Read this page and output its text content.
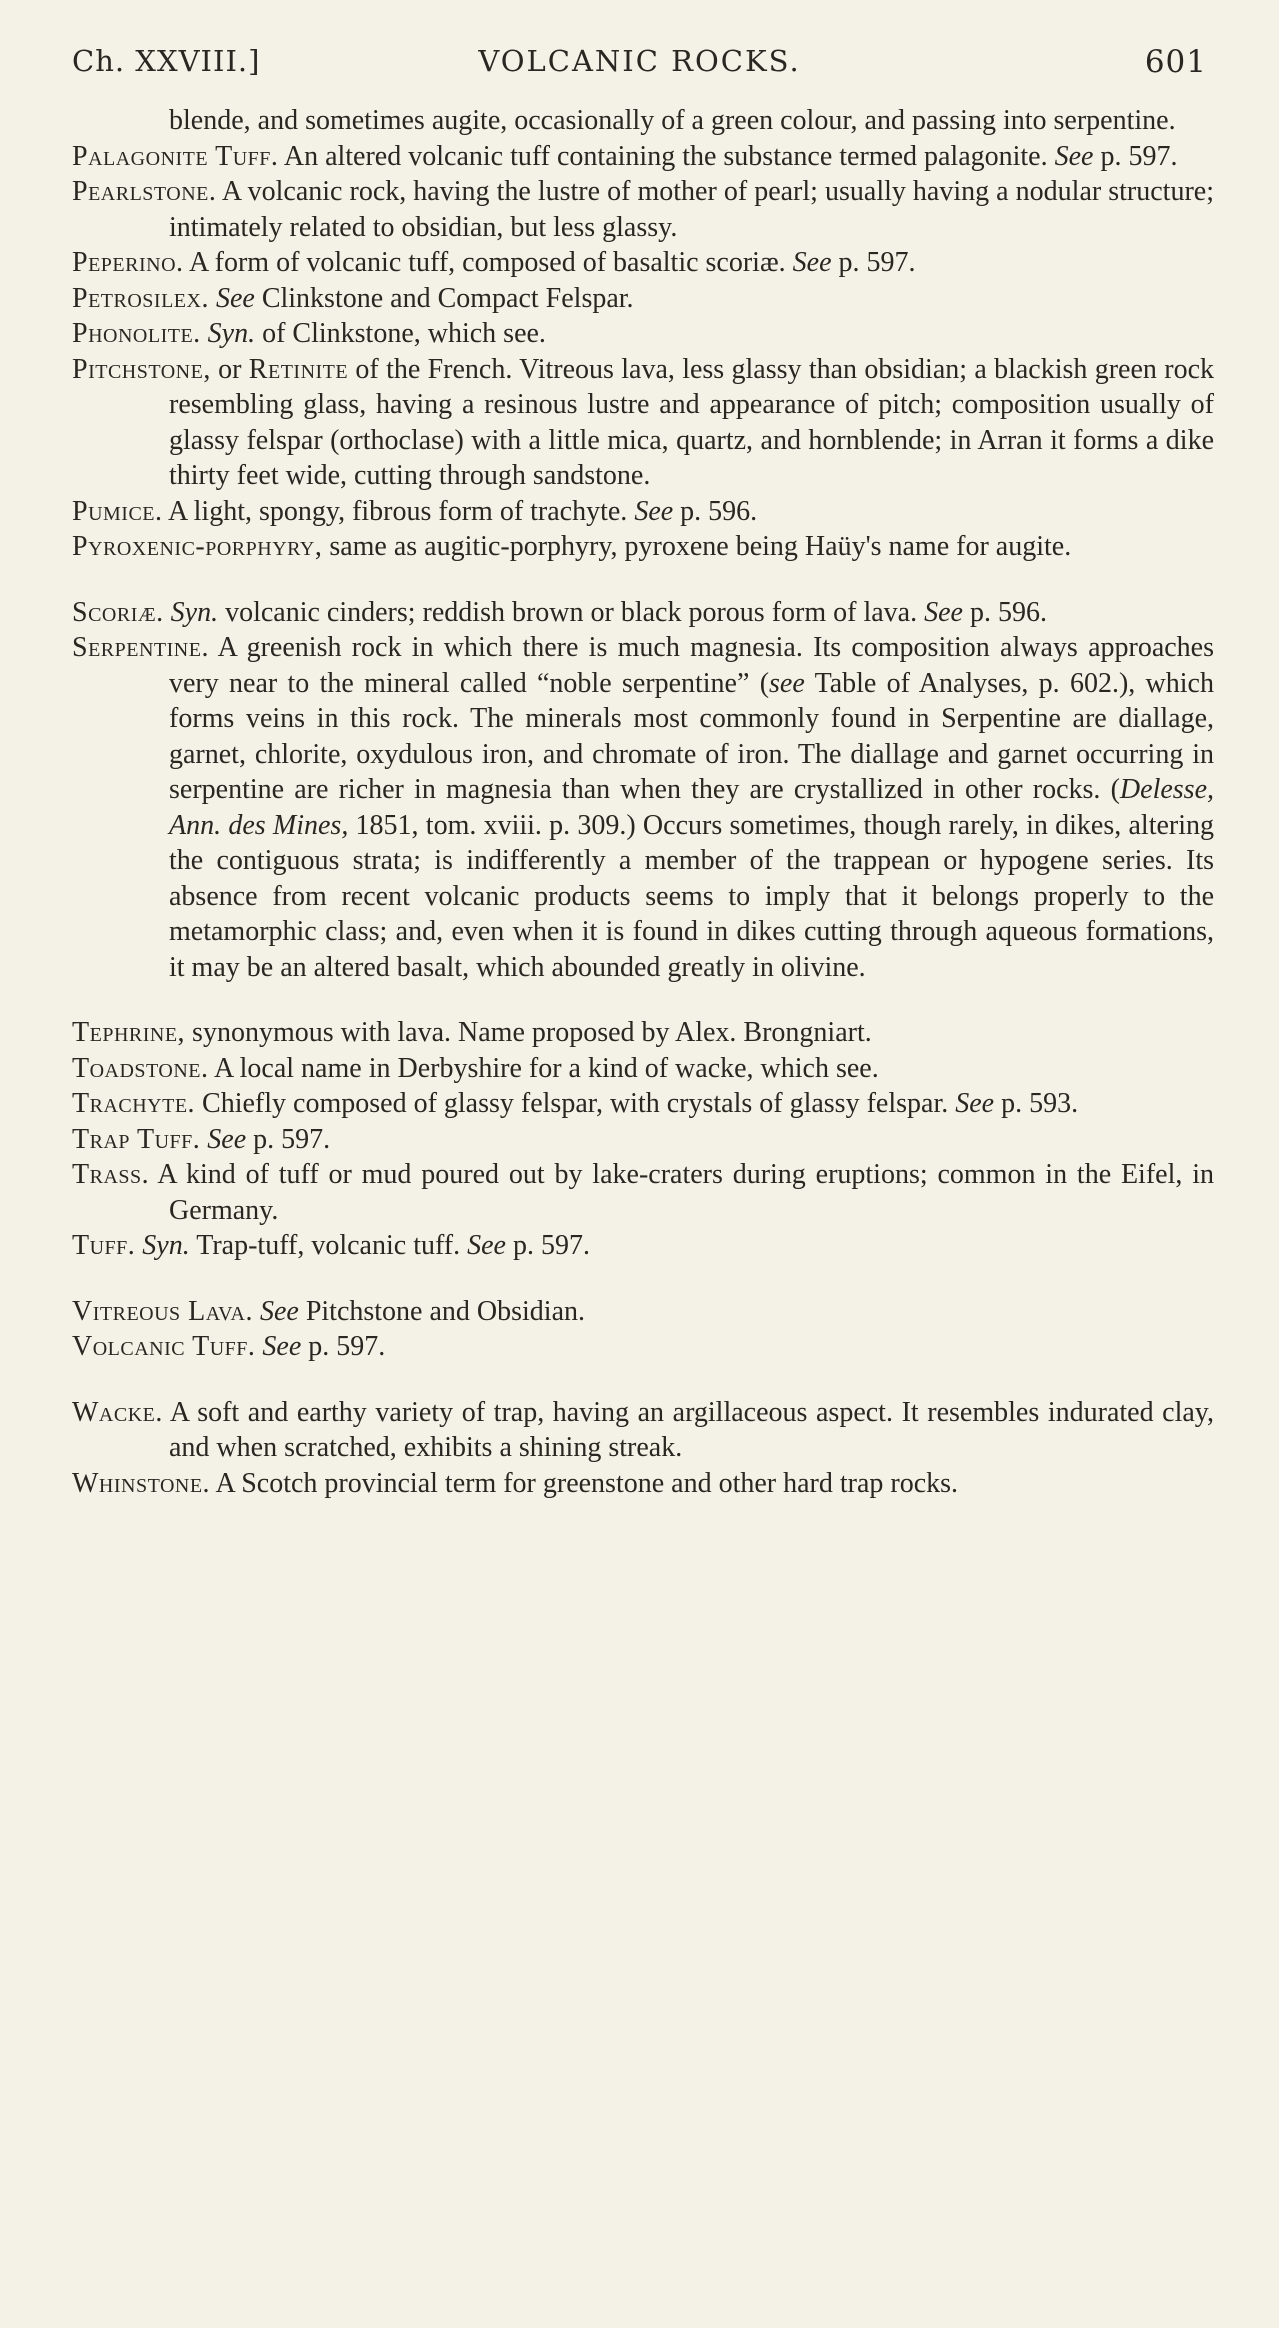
Ch. XXVIII.]	VOLCANIC ROCKS.	601
blende, and sometimes augite, occasionally of a green colour, and passing into serpentine.
Palagonite Tuff. An altered volcanic tuff containing the substance termed palagonite. See p. 597.
Pearlstone. A volcanic rock, having the lustre of mother of pearl; usually having a nodular structure; intimately related to obsidian, but less glassy.
Peperino. A form of volcanic tuff, composed of basaltic scoriæ. See p. 597.
Petrosilex. See Clinkstone and Compact Felspar.
Phonolite. Syn. of Clinkstone, which see.
Pitchstone, or Retinite of the French. Vitreous lava, less glassy than obsidian; a blackish green rock resembling glass, having a resinous lustre and appearance of pitch; composition usually of glassy felspar (orthoclase) with a little mica, quartz, and hornblende; in Arran it forms a dike thirty feet wide, cutting through sandstone.
Pumice. A light, spongy, fibrous form of trachyte. See p. 596.
Pyroxenic-porphyry, same as augitic-porphyry, pyroxene being Haüy's name for augite.
Scoriæ. Syn. volcanic cinders; reddish brown or black porous form of lava. See p. 596.
Serpentine. A greenish rock in which there is much magnesia. Its composition always approaches very near to the mineral called “noble serpentine” (see Table of Analyses, p. 602.), which forms veins in this rock. The minerals most commonly found in Serpentine are diallage, garnet, chlorite, oxydulous iron, and chromate of iron. The diallage and garnet occurring in serpentine are richer in magnesia than when they are crystallized in other rocks. (Delesse, Ann. des Mines, 1851, tom. xviii. p. 309.) Occurs sometimes, though rarely, in dikes, altering the contiguous strata; is indifferently a member of the trappean or hypogene series. Its absence from recent volcanic products seems to imply that it belongs properly to the metamorphic class; and, even when it is found in dikes cutting through aqueous formations, it may be an altered basalt, which abounded greatly in olivine.
Tephrine, synonymous with lava. Name proposed by Alex. Brongniart.
Toadstone. A local name in Derbyshire for a kind of wacke, which see.
Trachyte. Chiefly composed of glassy felspar, with crystals of glassy felspar. See p. 593.
Trap Tuff. See p. 597.
Trass. A kind of tuff or mud poured out by lake-craters during eruptions; common in the Eifel, in Germany.
Tuff. Syn. Trap-tuff, volcanic tuff. See p. 597.
Vitreous Lava. See Pitchstone and Obsidian.
Volcanic Tuff. See p. 597.
Wacke. A soft and earthy variety of trap, having an argillaceous aspect. It resembles indurated clay, and when scratched, exhibits a shining streak.
Whinstone. A Scotch provincial term for greenstone and other hard trap rocks.
